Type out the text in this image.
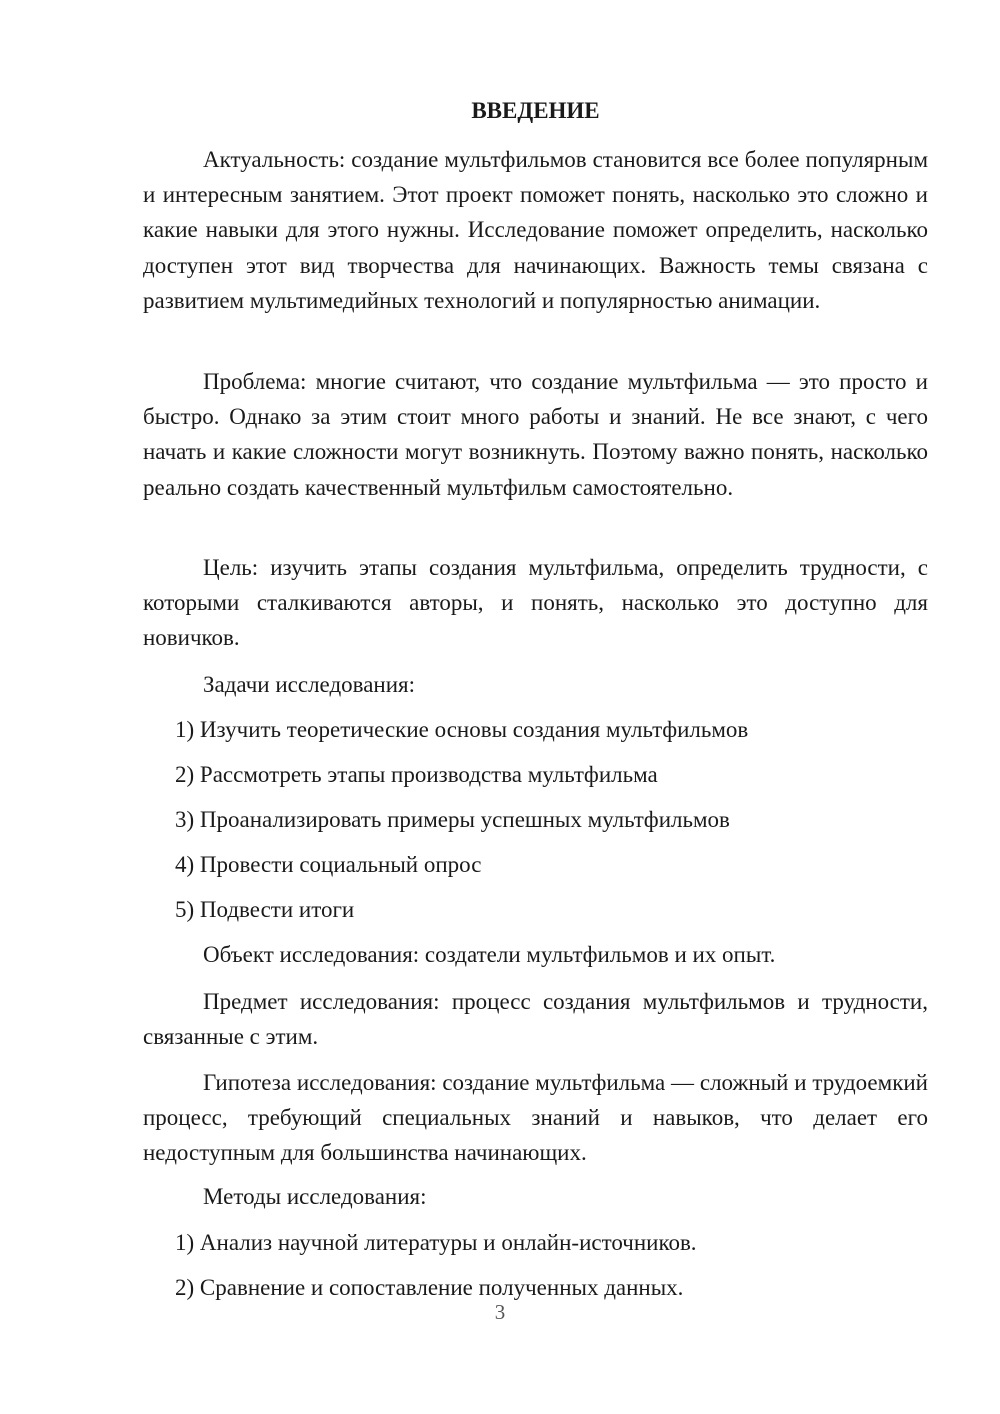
ВВЕДЕНИЕ

Актуальность: создание мультфильмов становится все более популярным и интересным занятием. Этот проект поможет понять, насколько это сложно и какие навыки для этого нужны. Исследование поможет определить, насколько доступен этот вид творчества для начинающих. Важность темы связана с развитием мультимедийных технологий и популярностью анимации.

Проблема: многие считают, что создание мультфильма — это просто и быстро. Однако за этим стоит много работы и знаний. Не все знают, с чего начать и какие сложности могут возникнуть. Поэтому важно понять, насколько реально создать качественный мультфильм самостоятельно.

Цель: изучить этапы создания мультфильма, определить трудности, с которыми сталкиваются авторы, и понять, насколько это доступно для новичков.

Задачи исследования:

1) Изучить теоретические основы создания мультфильмов

2) Рассмотреть этапы производства мультфильма

3) Проанализировать примеры успешных мультфильмов

4) Провести социальный опрос

5) Подвести итоги

Объект исследования: создатели мультфильмов и их опыт.

Предмет исследования: процесс создания мультфильмов и трудности, связанные с этим.

Гипотеза исследования: создание мультфильма — сложный и трудоемкий процесс, требующий специальных знаний и навыков, что делает его недоступным для большинства начинающих.

Методы исследования:

1) Анализ научной литературы и онлайн-источников.

2) Сравнение и сопоставление полученных данных.

3
